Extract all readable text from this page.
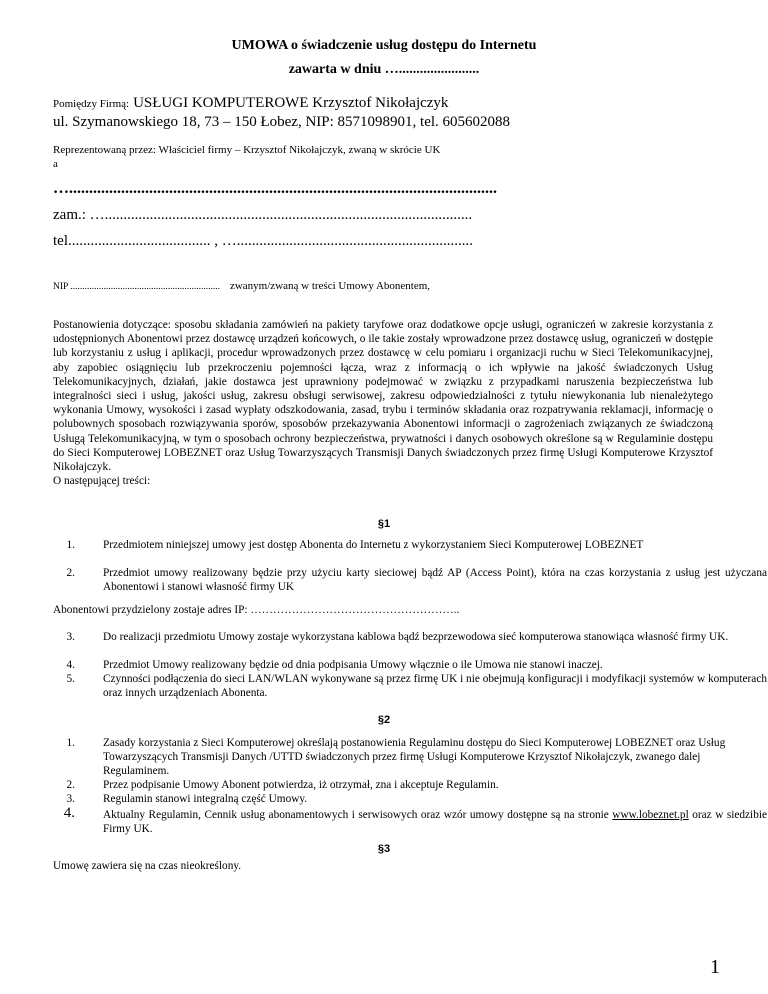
UMOWA o świadczenie usług dostępu do Internetu
zawarta w dniu ….......................
Pomiędzy Firmą: USŁUGI KOMPUTEROWE Krzysztof Nikołajczyk
ul. Szymanowskiego 18, 73 – 150 Łobez, NIP: 8571098901, tel. 605602088
Reprezentowaną przez: Właściciel firmy – Krzysztof Nikołajczyk, zwaną w skrócie UK
a
…...........................................................................................................
zam.: …..................................................................................................
tel...................................... , …...............................................................
NIP ............................................................... zwanym/zwaną w treści Umowy Abonentem,

Postanowienia dotyczące: sposobu składania zamówień na pakiety taryfowe oraz dodatkowe opcje usługi, ograniczeń w zakresie korzystania z udostępnionych Abonentowi przez dostawcę urządzeń końcowych, o ile takie zostały wprowadzone przez dostawcę usług, ograniczeń w dostępie lub korzystaniu z usług i aplikacji, procedur wprowadzonych przez dostawcę w celu pomiaru i organizacji ruchu w Sieci Telekomunikacyjnej, aby zapobiec osiągnięciu lub przekroczeniu pojemności łącza, wraz z informacją o ich wpływie na jakość świadczonych Usług Telekomunikacyjnych, działań, jakie dostawca jest uprawniony podejmować w związku z przypadkami naruszenia bezpieczeństwa lub integralności sieci i usług, jakości usług, zakresu obsługi serwisowej, zakresu odpowiedzialności z tytułu niewykonania lub nienależytego wykonania Umowy, wysokości i zasad wypłaty odszkodowania, zasad, trybu i terminów składania oraz rozpatrywania reklamacji, informację o polubownych sposobach rozwiązywania sporów, sposobów przekazywania Abonentowi informacji o zagrożeniach związanych ze świadczoną Usługą Telekomunikacyjną, w tym o sposobach ochrony bezpieczeństwa, prywatności i danych osobowych określone są w Regulaminie dostępu do Sieci Komputerowej LOBEZNET oraz Usług Towarzyszących Transmisji Danych świadczonych przez firmę Usługi Komputerowe Krzysztof Nikołajczyk.

O następującej treści:
§1
1. Przedmiotem niniejszej umowy jest dostęp Abonenta do Internetu z wykorzystaniem Sieci Komputerowej LOBEZNET
2. Przedmiot umowy realizowany będzie przy użyciu karty sieciowej bądź AP (Access Point), która na czas korzystania z usług jest użyczana Abonentowi i stanowi własność firmy UK
Abonentowi przydzielony zostaje adres IP: ………………………………………………..
3. Do realizacji przedmiotu Umowy zostaje wykorzystana kablowa bądź bezprzewodowa sieć komputerowa stanowiąca własność firmy UK.
4. Przedmiot Umowy realizowany będzie od dnia podpisania Umowy włącznie o ile Umowa nie stanowi inaczej.
5. Czynności podłączenia do sieci LAN/WLAN wykonywane są przez firmę UK i nie obejmują konfiguracji i modyfikacji systemów w komputerach oraz innych urządzeniach Abonenta.
§2
1. Zasady korzystania z Sieci Komputerowej określają postanowienia Regulaminu dostępu do Sieci Komputerowej LOBEZNET oraz Usług Towarzyszących Transmisji Danych /UTTD świadczonych przez firmę Usługi Komputerowe Krzysztof Nikołajczyk, zwanego dalej Regulaminem.
2. Przez podpisanie Umowy Abonent potwierdza, iż otrzymał, zna i akceptuje Regulamin.
3. Regulamin stanowi integralną część Umowy.
4. Aktualny Regulamin, Cennik usług abonamentowych i serwisowych oraz wzór umowy dostępne są na stronie www.lobeznet.pl oraz w siedzibie Firmy UK.
§3
Umowę zawiera się na czas nieokreślony.
1
